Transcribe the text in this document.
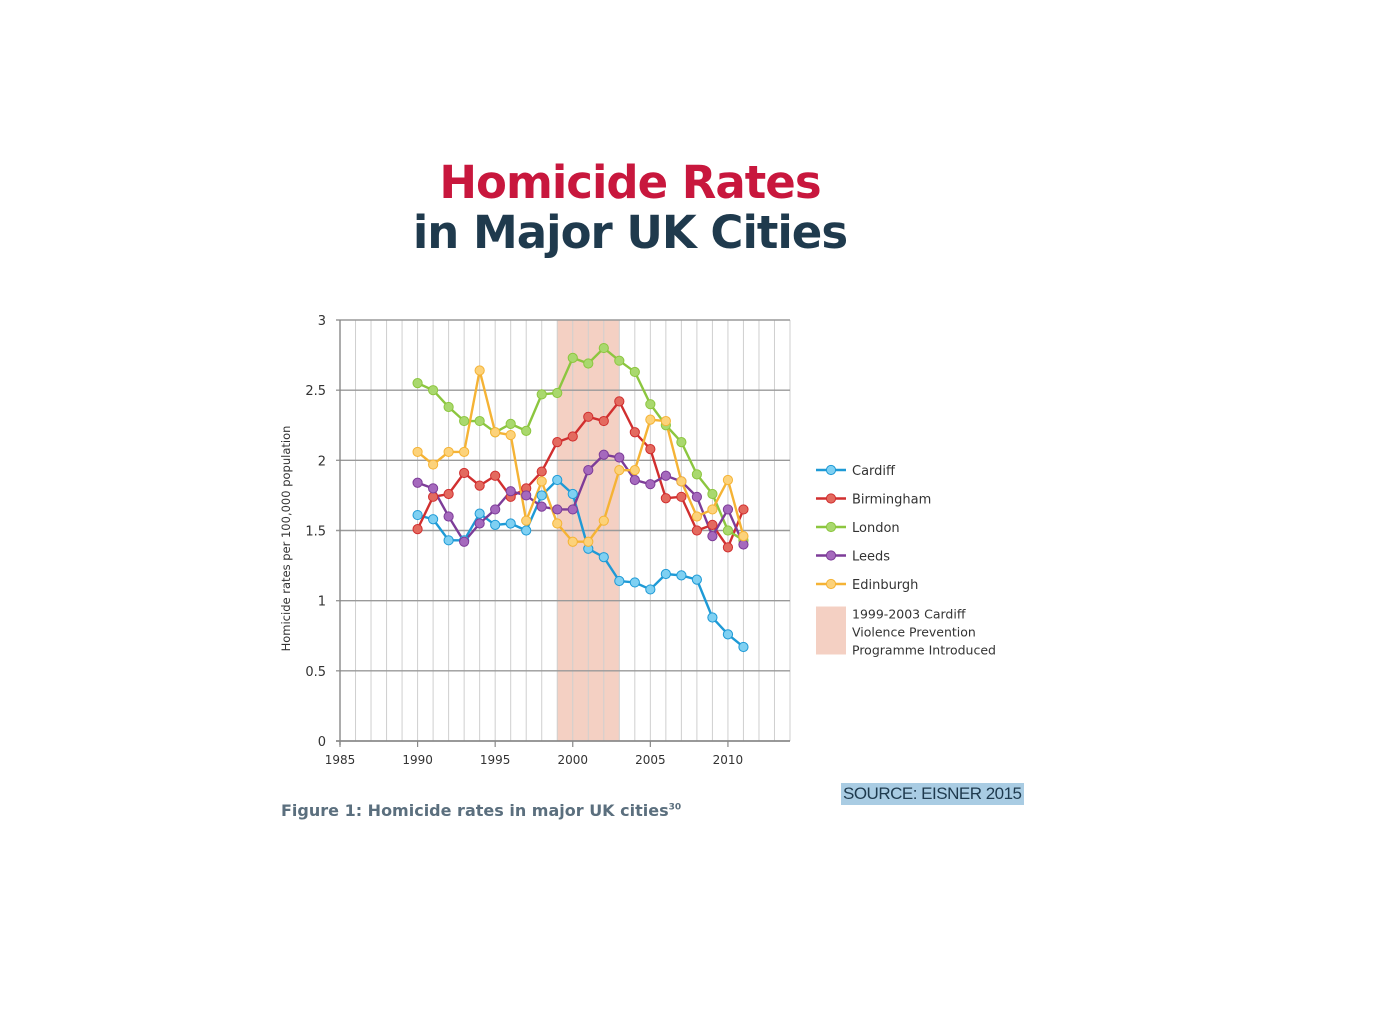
Homicide Rates
in Major UK Cities
0
0.5
1
1.5
2
2.5
3
1985	1990	1995	2000	2005	2010
Homicide rates per 100,000 population	Cardiff
Birmingham
London
Leeds
Edinburgh
1999-2003 Cardiff
Violence Prevention
Programme Introduced
Figure 1: Homicide rates in major UK cities$^{30}$
SOURCE: EISNER 2015
